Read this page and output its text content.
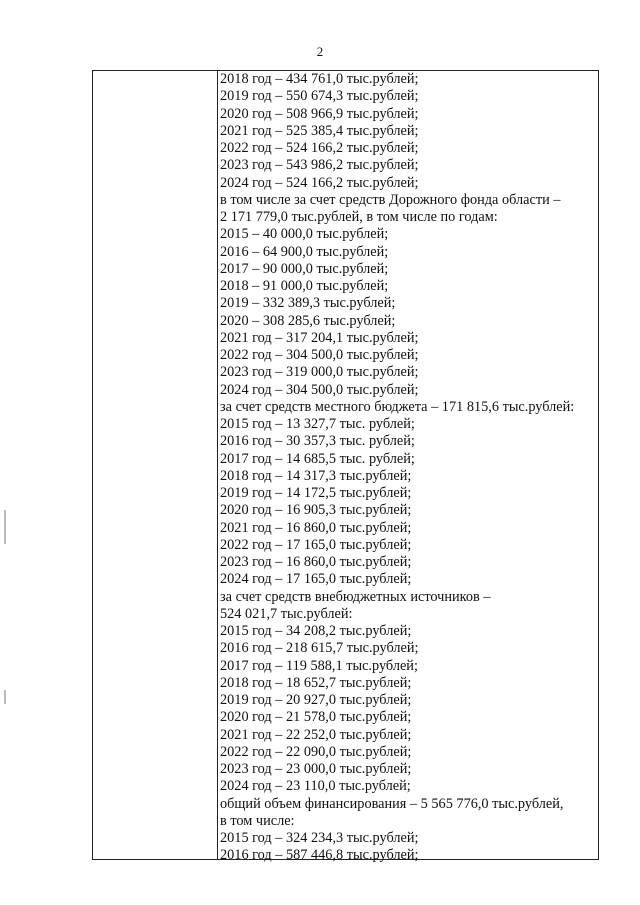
2
2018 год – 434 761,0 тыс.рублей;
2019 год – 550 674,3 тыс.рублей;
2020 год – 508 966,9 тыс.рублей;
2021 год – 525 385,4 тыс.рублей;
2022 год – 524 166,2 тыс.рублей;
2023 год – 543 986,2 тыс.рублей;
2024 год – 524 166,2 тыс.рублей;
в том числе за счет средств Дорожного фонда области –
2 171 779,0 тыс.рублей, в том числе по годам:
2015 – 40 000,0 тыс.рублей;
2016 – 64 900,0 тыс.рублей;
2017 – 90 000,0 тыс.рублей;
2018 – 91 000,0 тыс.рублей;
2019 – 332 389,3 тыс.рублей;
2020 – 308 285,6 тыс.рублей;
2021 год – 317 204,1 тыс.рублей;
2022 год – 304 500,0 тыс.рублей;
2023 год – 319 000,0 тыс.рублей;
2024 год – 304 500,0 тыс.рублей;
за счет средств местного бюджета – 171 815,6 тыс.рублей:
2015 год – 13 327,7 тыс. рублей;
2016 год – 30 357,3 тыс. рублей;
2017 год – 14 685,5 тыс. рублей;
2018 год – 14 317,3 тыс.рублей;
2019 год – 14 172,5 тыс.рублей;
2020 год – 16 905,3 тыс.рублей;
2021 год – 16 860,0 тыс.рублей;
2022 год – 17 165,0 тыс.рублей;
2023 год – 16 860,0 тыс.рублей;
2024 год – 17 165,0 тыс.рублей;
за счет средств внебюджетных источников –
524 021,7 тыс.рублей:
2015 год – 34 208,2 тыс.рублей;
2016 год – 218 615,7 тыс.рублей;
2017 год – 119 588,1 тыс.рублей;
2018 год – 18 652,7 тыс.рублей;
2019 год – 20 927,0 тыс.рублей;
2020 год – 21 578,0 тыс.рублей;
2021 год – 22 252,0 тыс.рублей;
2022 год – 22 090,0 тыс.рублей;
2023 год – 23 000,0 тыс.рублей;
2024 год – 23 110,0 тыс.рублей;
общий объем финансирования – 5 565 776,0 тыс.рублей,
в том числе:
2015 год – 324 234,3 тыс.рублей;
2016 год – 587 446,8 тыс.рублей;
